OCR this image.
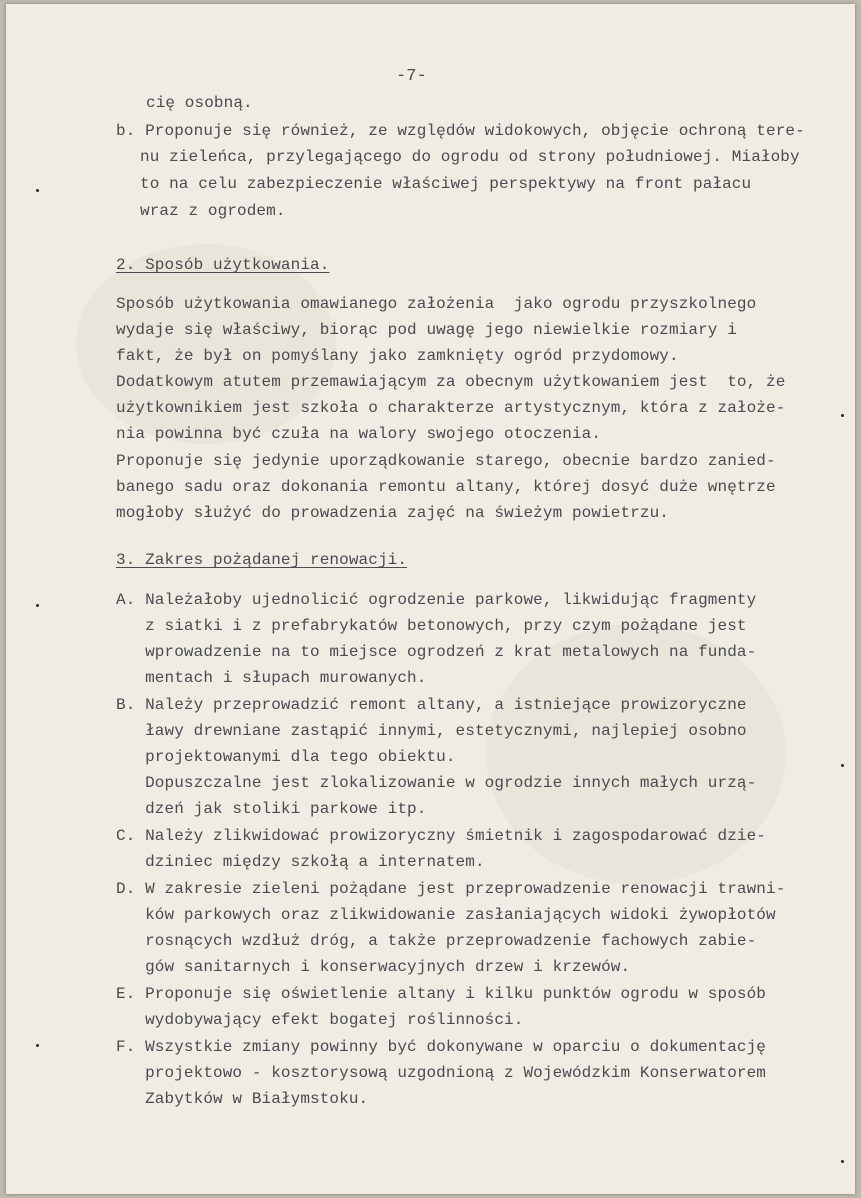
-7-
cię osobną.
b. Proponuje się również, ze względów widokowych, objęcie ochroną tere-
nu zieleńca, przylegającego do ogrodu od strony południowej. Miałoby
to na celu zabezpieczenie właściwej perspektywy na front pałacu
wraz z ogrodem.
2. Sposób użytkowania.
Sposób użytkowania omawianego założenia  jako ogrodu przyszkolnego
wydaje się właściwy, biorąc pod uwagę jego niewielkie rozmiary i
fakt, że był on pomyślany jako zamknięty ogród przydomowy.
Dodatkowym atutem przemawiającym za obecnym użytkowaniem jest  to, że
użytkownikiem jest szkoła o charakterze artystycznym, która z założe-
nia powinna być czuła na walory swojego otoczenia.
Proponuje się jedynie uporządkowanie starego, obecnie bardzo zanied-
banego sadu oraz dokonania remontu altany, której dosyć duże wnętrze
mogłoby służyć do prowadzenia zajęć na świeżym powietrzu.
3. Zakres pożądanej renowacji.
A. Należałoby ujednolicić ogrodzenie parkowe, likwidując fragmenty
z siatki i z prefabrykatów betonowych, przy czym pożądane jest
wprowadzenie na to miejsce ogrodzeń z krat metalowych na funda-
mentach i słupach murowanych.
B. Należy przeprowadzić remont altany, a istniejące prowizoryczne
ławy drewniane zastąpić innymi, estetycznymi, najlepiej osobno
projektowanymi dla tego obiektu.
Dopuszczalne jest zlokalizowanie w ogrodzie innych małych urzą-
dzeń jak stoliki parkowe itp.
C. Należy zlikwidować prowizoryczny śmietnik i zagospodarować dzie-
dziniec między szkołą a internatem.
D. W zakresie zieleni pożądane jest przeprowadzenie renowacji trawni-
ków parkowych oraz zlikwidowanie zasłaniających widoki żywopłotów
rosnących wzdłuż dróg, a także przeprowadzenie fachowych zabie-
gów sanitarnych i konserwacyjnych drzew i krzewów.
E. Proponuje się oświetlenie altany i kilku punktów ogrodu w sposób
wydobywający efekt bogatej roślinności.
F. Wszystkie zmiany powinny być dokonywane w oparciu o dokumentację
projektowo - kosztorysową uzgodnioną z Wojewódzkim Konserwatorem
Zabytków w Białymstoku.
